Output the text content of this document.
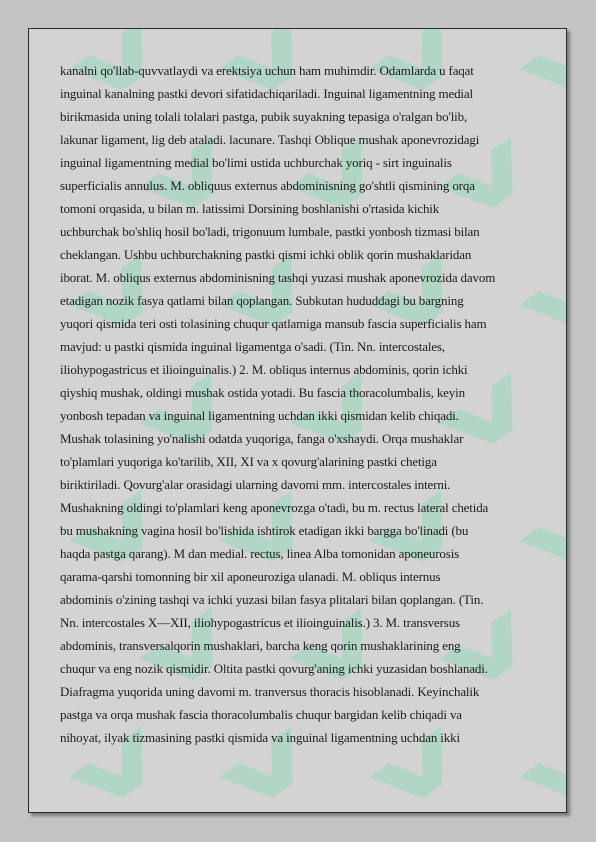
kanalni qo'llab-quvvatlaydi va erektsiya uchun ham muhimdir. Odamlarda u faqat
inguinal kanalning pastki devori sifatidachiqariladi. Inguinal ligamentning medial
birikmasida uning tolali tolalari pastga, pubik suyakning tepasiga o'ralgan bo'lib,
lakunar ligament, lig deb ataladi. lacunare. Tashqi Oblique mushak aponevrozidagi
inguinal ligamentning medial bo'limi ustida uchburchak yoriq - sirt inguinalis
superficialis annulus. M. obliquus externus abdominisning go'shtli qismining orqa
tomoni orqasida, u bilan m. latissimi Dorsining boshlanishi o'rtasida kichik
uchburchak bo'shliq hosil bo'ladi, trigonuum lumbale, pastki yonbosh tizmasi bilan
cheklangan. Ushbu uchburchakning pastki qismi ichki oblik qorin mushaklaridan
iborat. M. obliqus externus abdominisning tashqi yuzasi mushak aponevrozida davom
etadigan nozik fasya qatlami bilan qoplangan. Subkutan hududdagi bu bargning
yuqori qismida teri osti tolasining chuqur qatlamiga mansub fascia superficialis ham
mavjud: u pastki qismida inguinal ligamentga o'sadi. (Tin. Nn. intercostales,
iliohypogastricus et ilioinguinalis.) 2. M. obliqus internus abdominis, qorin ichki
qiyshiq mushak, oldingi mushak ostida yotadi. Bu fascia thoracolumbalis, keyin
yonbosh tepadan va inguinal ligamentning uchdan ikki qismidan kelib chiqadi.
Mushak tolasining yo'nalishi odatda yuqoriga, fanga o'xshaydi. Orqa mushaklar
to'plamlari yuqoriga ko'tarilib, XII, XI va x qovurg'alarining pastki chetiga
biriktiriladi. Qovurg'alar orasidagi ularning davomi mm. intercostales interni.
Mushakning oldingi to'plamlari keng aponevrozga o'tadi, bu m. rectus lateral chetida
bu mushakning vagina hosil bo'lishida ishtirok etadigan ikki bargga bo'linadi (bu
haqda pastga qarang). M dan medial. rectus, linea Alba tomonidan aponeurosis
qarama-qarshi tomonning bir xil aponeuroziga ulanadi. M. obliqus internus
abdominis o'zining tashqi va ichki yuzasi bilan fasya plitalari bilan qoplangan. (Tin.
Nn. intercostales X—XII, iliohypogastricus et ilioinguinalis.) 3. M. transversus
abdominis, transversalqorin mushaklari, barcha keng qorin mushaklarining eng
chuqur va eng nozik qismidir. Oltita pastki qovurg'aning ichki yuzasidan boshlanadi.
Diafragma yuqorida uning davomi m. tranversus thoracis hisoblanadi. Keyinchalik
pastga va orqa mushak fascia thoracolumbalis chuqur bargidan kelib chiqadi va
nihoyat, ilyak tizmasining pastki qismida va inguinal ligamentning uchdan ikki
